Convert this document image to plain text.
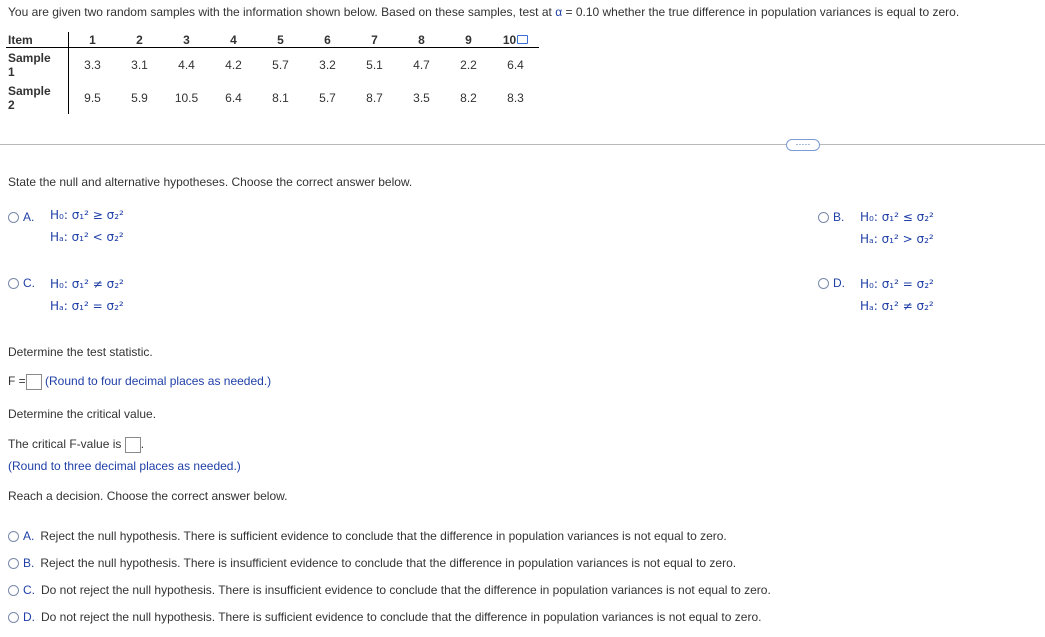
You are given two random samples with the information shown below. Based on these samples, test at α = 0.10 whether the true difference in population variances is equal to zero.
Item	1	2	3	4	5	6	7	8	9	10
Sample
1	3.3	3.1	4.4	4.2	5.7	3.2	5.1	4.7	2.2	6.4
Sample
2	9.5	5.9	10.5	6.4	8.1	5.7	8.7	3.5	8.2	8.3
·····
State the null and alternative hypotheses. Choose the correct answer below.
A. H₀: σ₁² ≥ σ₂²
Hₐ: σ₁² < σ₂²
B. H₀: σ₁² ≤ σ₂²
Hₐ: σ₁² > σ₂²
C. H₀: σ₁² ≠ σ₂²
Hₐ: σ₁² = σ₂²
D. H₀: σ₁² = σ₂²
Hₐ: σ₁² ≠ σ₂²
Determine the test statistic.
F = (Round to four decimal places as needed.)
Determine the critical value.
The critical F-value is .
(Round to three decimal places as needed.)
Reach a decision. Choose the correct answer below.
A. Reject the null hypothesis. There is sufficient evidence to conclude that the difference in population variances is not equal to zero.
B. Reject the null hypothesis. There is insufficient evidence to conclude that the difference in population variances is not equal to zero.
C. Do not reject the null hypothesis. There is insufficient evidence to conclude that the difference in population variances is not equal to zero.
D. Do not reject the null hypothesis. There is sufficient evidence to conclude that the difference in population variances is not equal to zero.
